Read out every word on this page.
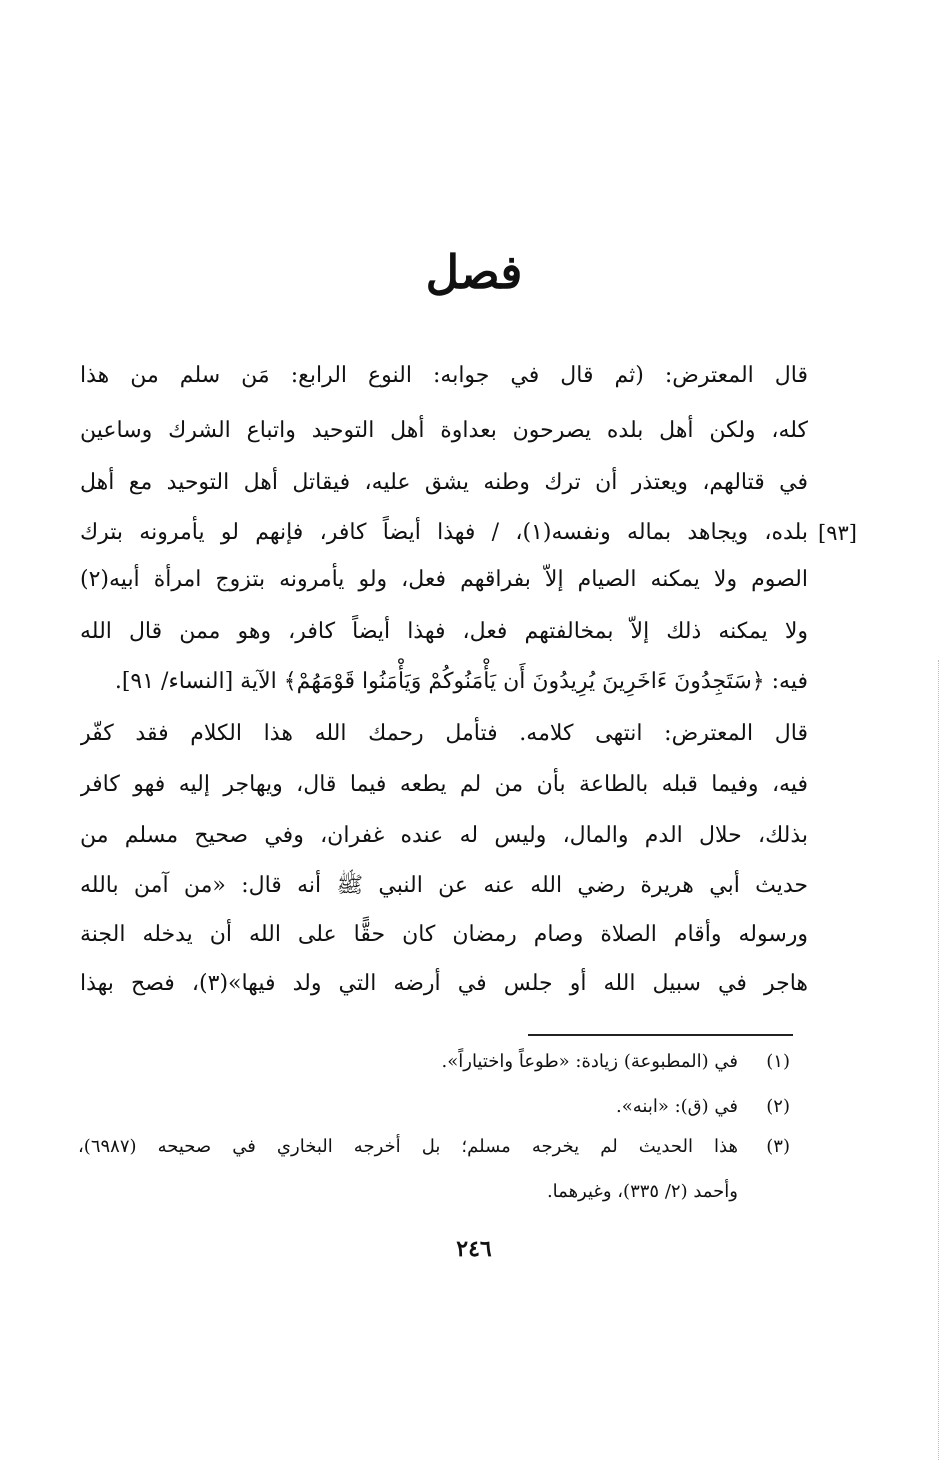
فصل
قال المعترض: (ثم قال في جوابه: النوع الرابع: مَن سلم من هذا
كله، ولكن أهل بلده يصرحون بعداوة أهل التوحيد واتباع الشرك وساعين
في قتالهم، ويعتذر أن ترك وطنه يشق عليه، فيقاتل أهل التوحيد مع أهل
بلده، ويجاهد بماله ونفسه(١)، / فهذا أيضاً كافر، فإنهم لو يأمرونه بترك [٩٣]
الصوم ولا يمكنه الصيام إلاّ بفراقهم فعل، ولو يأمرونه بتزوج امرأة أبيه(٢)
ولا يمكنه ذلك إلاّ بمخالفتهم فعل، فهذا أيضاً كافر، وهو ممن قال الله
فيه: ﴿سَتَجِدُونَ ءَاخَرِينَ يُرِيدُونَ أَن يَأْمَنُوكُمْ وَيَأْمَنُوا قَوْمَهُمْ﴾ الآية [النساء/ ٩١].
قال المعترض: انتهى كلامه. فتأمل رحمك الله هذا الكلام فقد كفّر
فيه، وفيما قبله بالطاعة بأن من لم يطعه فيما قال، ويهاجر إليه فهو كافر
بذلك، حلال الدم والمال، وليس له عنده غفران، وفي صحيح مسلم من
حديث أبي هريرة رضي الله عنه عن النبي ﷺ أنه قال: «من آمن بالله
ورسوله وأقام الصلاة وصام رمضان كان حقًّا على الله أن يدخله الجنة
هاجر في سبيل الله أو جلس في أرضه التي ولد فيها»(٣)، فصح بهذا
(١)
في (المطبوعة) زيادة: «طوعاً واختياراً».
(٢)
في (ق): «ابنه».
(٣)
هذا الحديث لم يخرجه مسلم؛ بل أخرجه البخاري في صحيحه (٦٩٨٧)،
وأحمد (٢/ ٣٣٥)، وغيرهما.
٢٤٦
